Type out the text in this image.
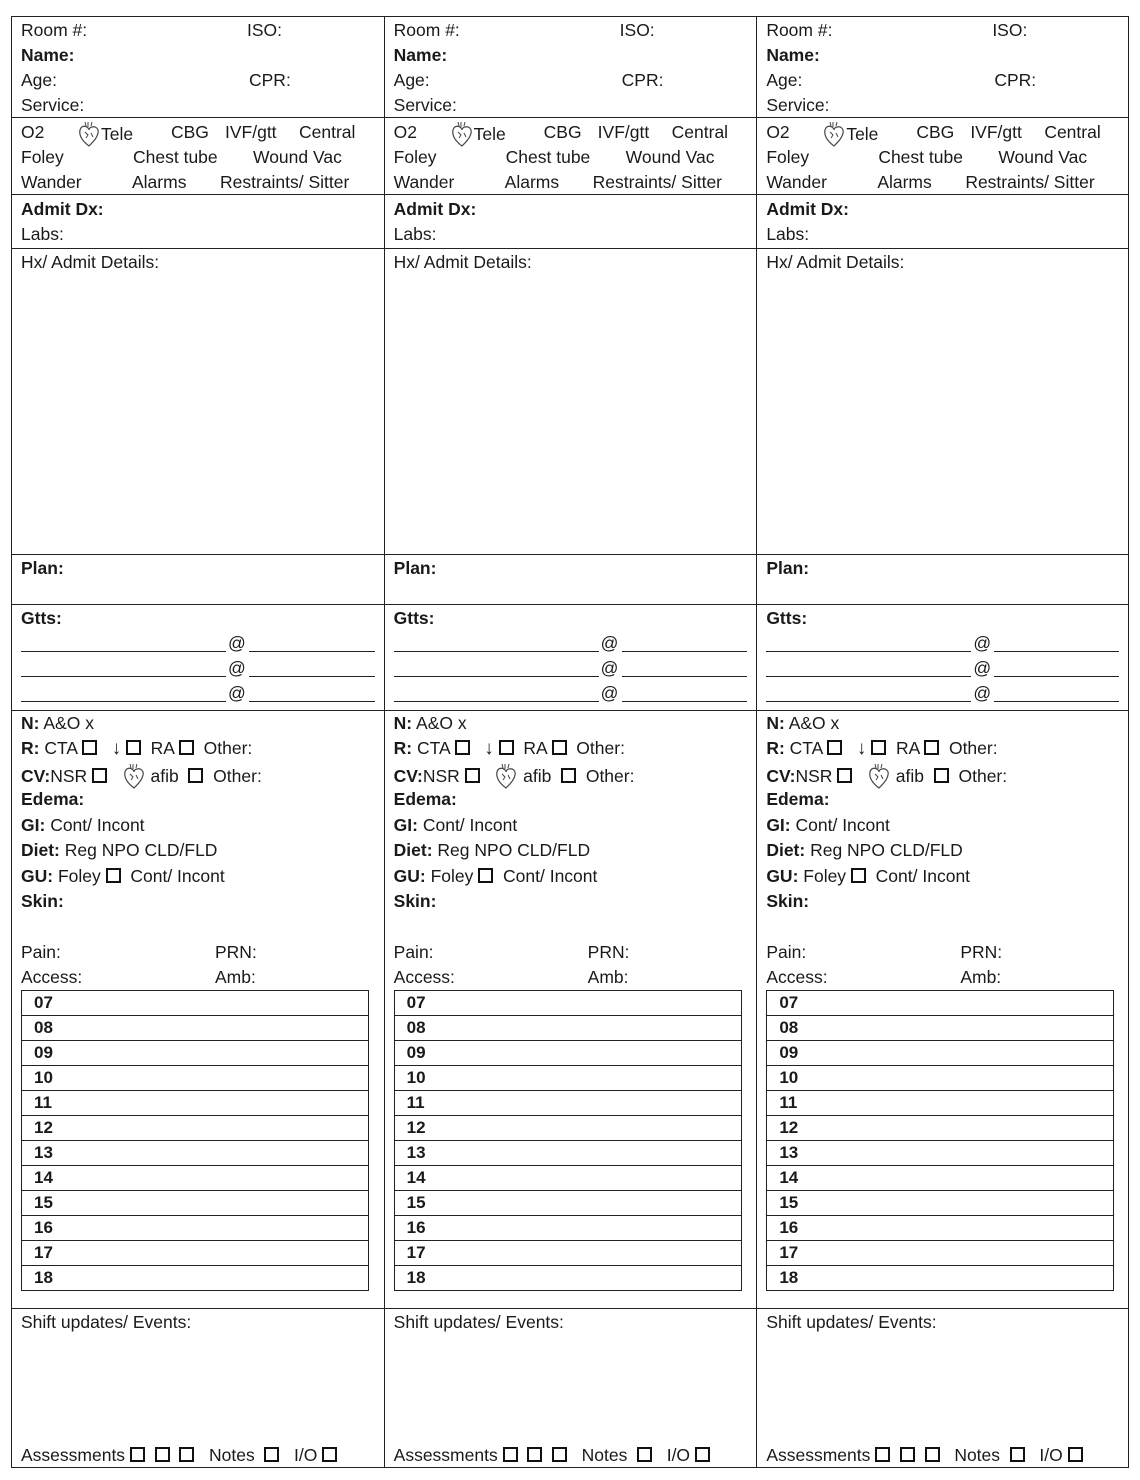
Room #:	ISO:
Name:
Age:	CPR:
Service:
O2	Tele CBG IVF/gtt Central
Foley	Chest tube Wound Vac
Wander	Alarms Restraints/ Sitter
Admit Dx:
Labs:
Hx/ Admit Details:
Plan:
Gtts:
@
@
@
N: A&O x
R: CTA ↓ RA Other:
CV:NSR	afib Other:
Edema:
GI: Cont/ Incont
Diet: Reg NPO CLD/FLD
GU: Foley Cont/ Incont
Skin:
Pain:	PRN:
Access:	Amb:
Shift updates/ Events:
Assessments	Notes I/O
07
08
09
10
11
12
13
14
15
16
17
18
Room #:	ISO:
Name:
Age:	CPR:
Service:
O2	Tele CBG IVF/gtt Central
Foley	Chest tube Wound Vac
Wander	Alarms Restraints/ Sitter
Admit Dx:
Labs:
Hx/ Admit Details:
Plan:
Gtts:
@
@
@
N: A&O x
R: CTA ↓ RA Other:
CV:NSR	afib Other:
Edema:
GI: Cont/ Incont
Diet: Reg NPO CLD/FLD
GU: Foley Cont/ Incont
Skin:
Pain:	PRN:
Access:	Amb:
Shift updates/ Events:
Assessments	Notes I/O
07
08
09
10
11
12
13
14
15
16
17
18
Room #:	ISO:
Name:
Age:	CPR:
Service:
O2	Tele CBG IVF/gtt Central
Foley	Chest tube Wound Vac
Wander	Alarms Restraints/ Sitter
Admit Dx:
Labs:
Hx/ Admit Details:
Plan:
Gtts:
@
@
@
N: A&O x
R: CTA ↓ RA Other:
CV:NSR	afib Other:
Edema:
GI: Cont/ Incont
Diet: Reg NPO CLD/FLD
GU: Foley Cont/ Incont
Skin:
Pain:	PRN:
Access:	Amb:
Shift updates/ Events:
Assessments	Notes I/O
07
08
09
10
11
12
13
14
15
16
17
18
